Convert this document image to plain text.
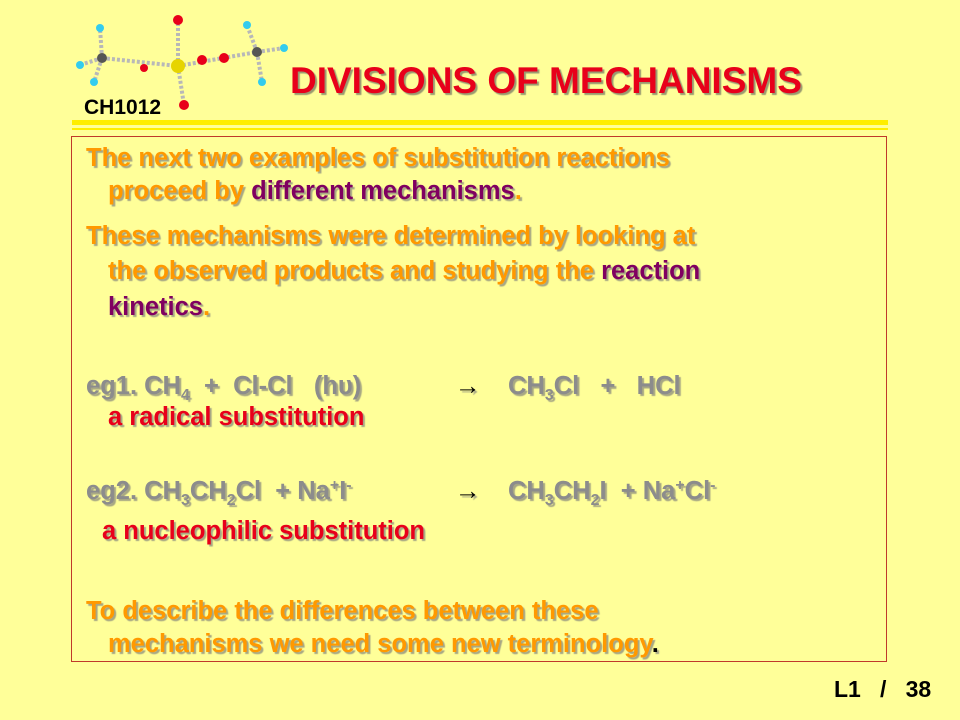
CH1012
DIVISIONS OF MECHANISMS
The next two examples of substitution reactions
proceed by different mechanisms.
These mechanisms were determined by looking at
the observed products and studying the reaction
kinetics.
eg1. $CH_4 + Cl-Cl$   (hυ)	→ $CH_3Cl$   +   HCl
a radical substitution
eg2. $CH_3CH_2Cl + Na^+I^-$	→ $CH_3CH_2I + Na^+Cl^-$
a nucleophilic substitution
To describe the differences between these
mechanisms we need some new terminology.
L1 / 38
